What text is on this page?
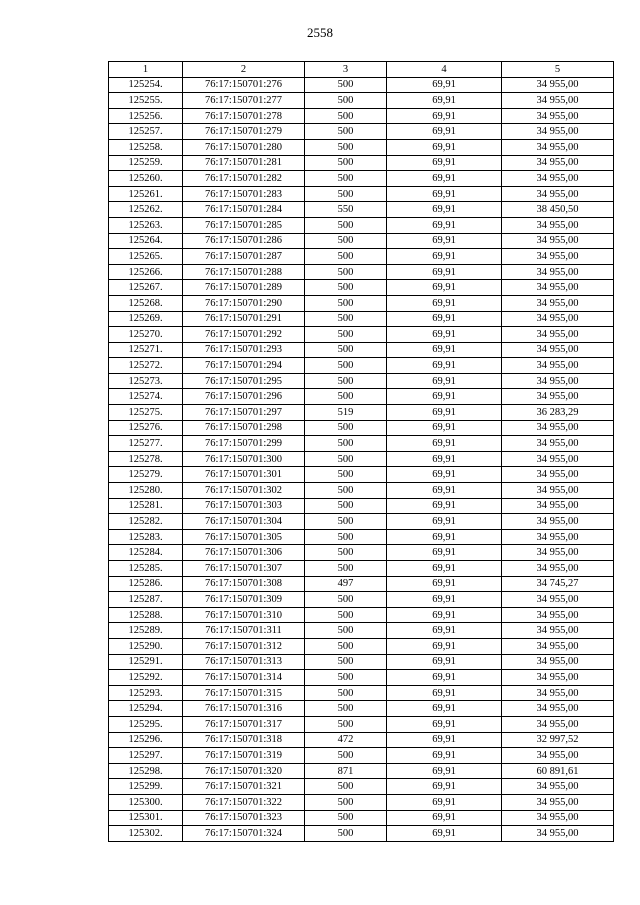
2558
1	2	3	4	5
125254.	76:17:150701:276	500	69,91	34 955,00
125255.	76:17:150701:277	500	69,91	34 955,00
125256.	76:17:150701:278	500	69,91	34 955,00
125257.	76:17:150701:279	500	69,91	34 955,00
125258.	76:17:150701:280	500	69,91	34 955,00
125259.	76:17:150701:281	500	69,91	34 955,00
125260.	76:17:150701:282	500	69,91	34 955,00
125261.	76:17:150701:283	500	69,91	34 955,00
125262.	76:17:150701:284	550	69,91	38 450,50
125263.	76:17:150701:285	500	69,91	34 955,00
125264.	76:17:150701:286	500	69,91	34 955,00
125265.	76:17:150701:287	500	69,91	34 955,00
125266.	76:17:150701:288	500	69,91	34 955,00
125267.	76:17:150701:289	500	69,91	34 955,00
125268.	76:17:150701:290	500	69,91	34 955,00
125269.	76:17:150701:291	500	69,91	34 955,00
125270.	76:17:150701:292	500	69,91	34 955,00
125271.	76:17:150701:293	500	69,91	34 955,00
125272.	76:17:150701:294	500	69,91	34 955,00
125273.	76:17:150701:295	500	69,91	34 955,00
125274.	76:17:150701:296	500	69,91	34 955,00
125275.	76:17:150701:297	519	69,91	36 283,29
125276.	76:17:150701:298	500	69,91	34 955,00
125277.	76:17:150701:299	500	69,91	34 955,00
125278.	76:17:150701:300	500	69,91	34 955,00
125279.	76:17:150701:301	500	69,91	34 955,00
125280.	76:17:150701:302	500	69,91	34 955,00
125281.	76:17:150701:303	500	69,91	34 955,00
125282.	76:17:150701:304	500	69,91	34 955,00
125283.	76:17:150701:305	500	69,91	34 955,00
125284.	76:17:150701:306	500	69,91	34 955,00
125285.	76:17:150701:307	500	69,91	34 955,00
125286.	76:17:150701:308	497	69,91	34 745,27
125287.	76:17:150701:309	500	69,91	34 955,00
125288.	76:17:150701:310	500	69,91	34 955,00
125289.	76:17:150701:311	500	69,91	34 955,00
125290.	76:17:150701:312	500	69,91	34 955,00
125291.	76:17:150701:313	500	69,91	34 955,00
125292.	76:17:150701:314	500	69,91	34 955,00
125293.	76:17:150701:315	500	69,91	34 955,00
125294.	76:17:150701:316	500	69,91	34 955,00
125295.	76:17:150701:317	500	69,91	34 955,00
125296.	76:17:150701:318	472	69,91	32 997,52
125297.	76:17:150701:319	500	69,91	34 955,00
125298.	76:17:150701:320	871	69,91	60 891,61
125299.	76:17:150701:321	500	69,91	34 955,00
125300.	76:17:150701:322	500	69,91	34 955,00
125301.	76:17:150701:323	500	69,91	34 955,00
125302.	76:17:150701:324	500	69,91	34 955,00
